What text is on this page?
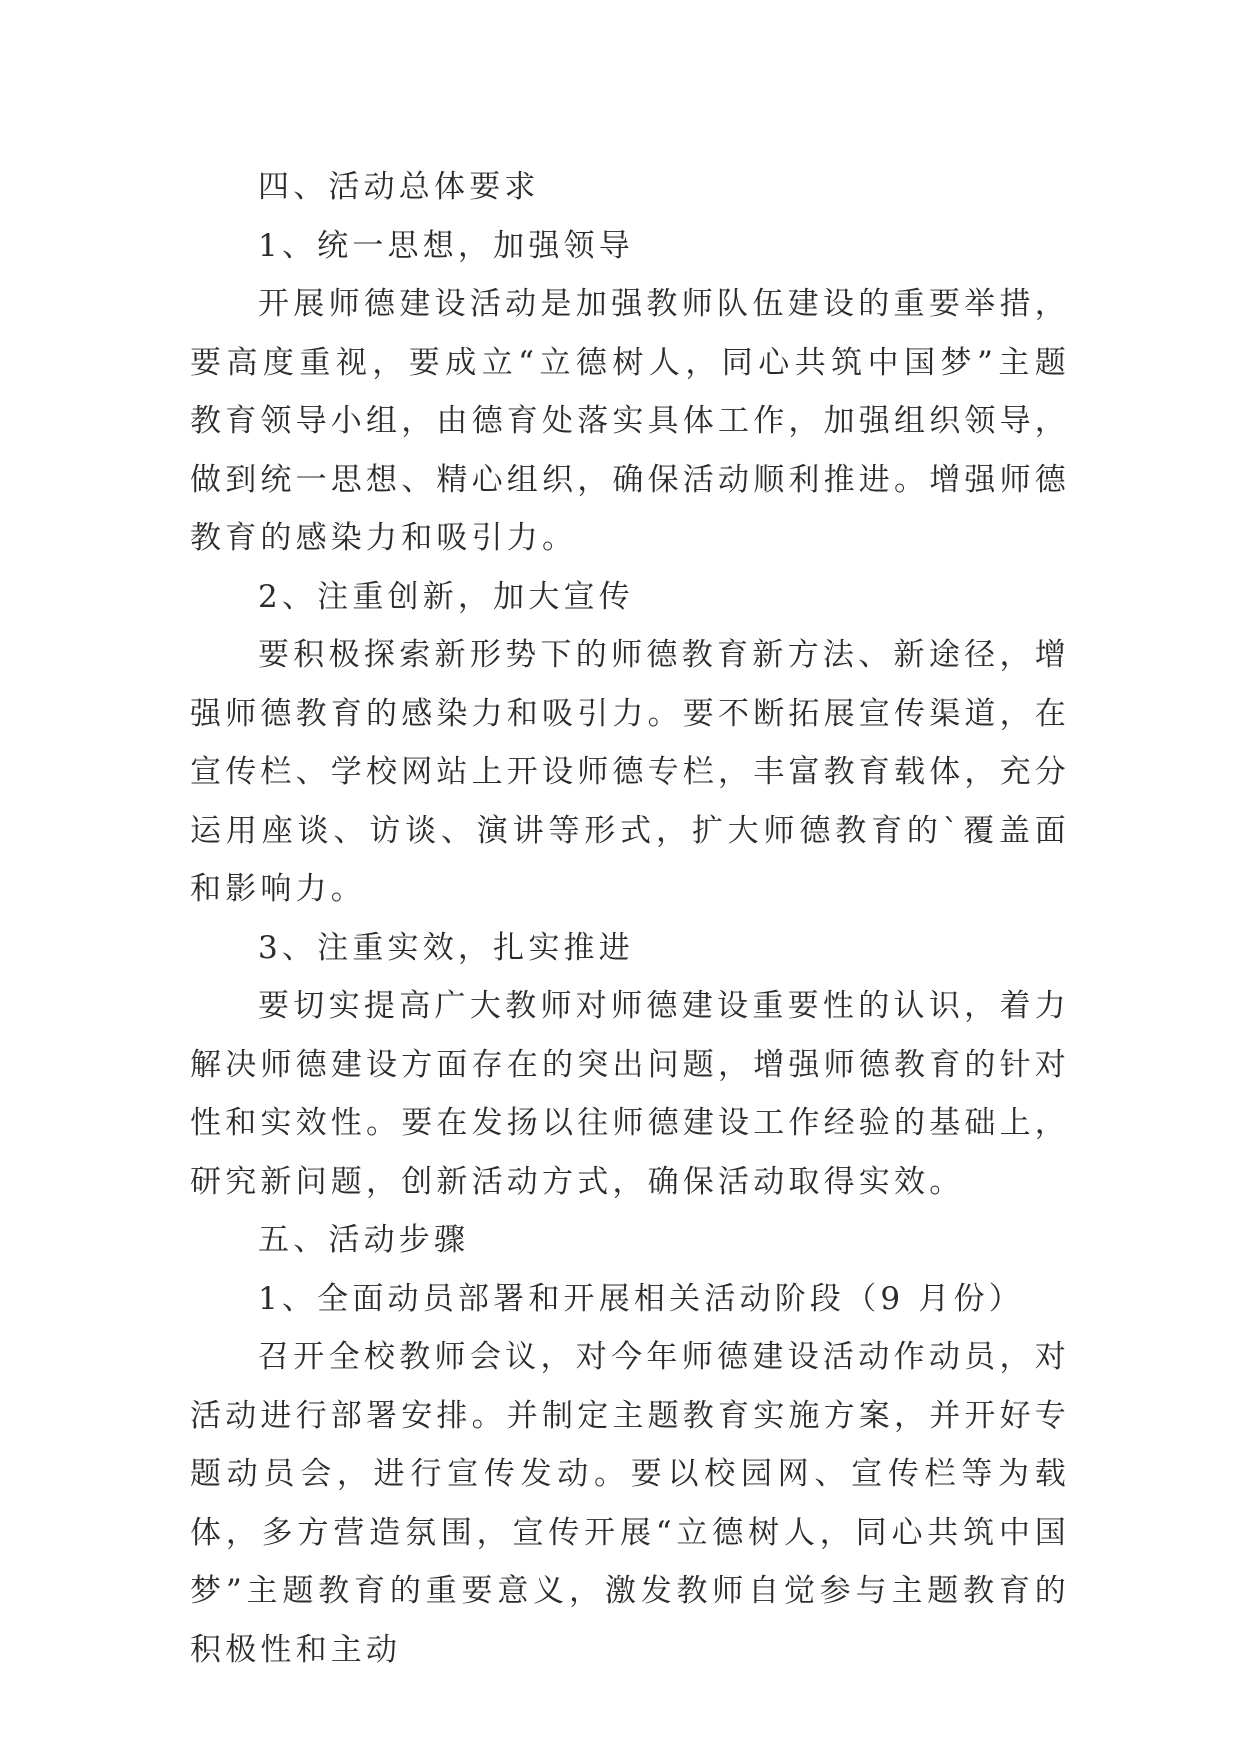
四、活动总体要求

1、统一思想，加强领导

开展师德建设活动是加强教师队伍建设的重要举措，要高度重视，要成立“立德树人，同心共筑中国梦”主题教育领导小组，由德育处落实具体工作，加强组织领导，做到统一思想、精心组织，确保活动顺利推进。增强师德教育的感染力和吸引力。

2、注重创新，加大宣传

要积极探索新形势下的师德教育新方法、新途径，增强师德教育的感染力和吸引力。要不断拓展宣传渠道，在宣传栏、学校网站上开设师德专栏，丰富教育载体，充分运用座谈、访谈、演讲等形式，扩大师德教育的`覆盖面和影响力。

3、注重实效，扎实推进

要切实提高广大教师对师德建设重要性的认识，着力解决师德建设方面存在的突出问题，增强师德教育的针对性和实效性。要在发扬以往师德建设工作经验的基础上，研究新问题，创新活动方式，确保活动取得实效。

五、活动步骤

1、全面动员部署和开展相关活动阶段（9 月份）

召开全校教师会议，对今年师德建设活动作动员，对活动进行部署安排。并制定主题教育实施方案，并开好专题动员会，进行宣传发动。要以校园网、宣传栏等为载体，多方营造氛围，宣传开展“立德树人，同心共筑中国梦”主题教育的重要意义，激发教师自觉参与主题教育的积极性和主动
